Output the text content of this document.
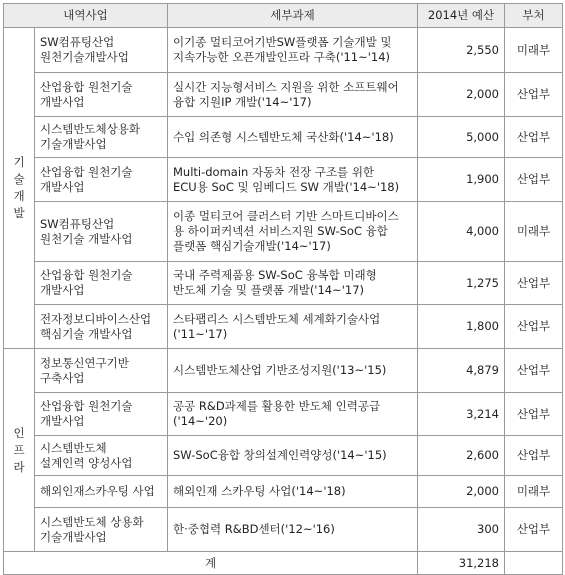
내역사업		세부과제	2014년 예산	부처

기
술
개
발	SW컴퓨팅산업
원천기술개발사업	이기종 멀티코어기반SW플랫폼 기술개발 및
지속가능한 오픈개발인프라 구축('11~'14)	2,550	미래부
	산업융합 원천기술
개발사업	실시간 지능형서비스 지원을 위한 소프트웨어
융합 지원IP 개발('14~'17)	2,000	산업부
	시스템반도체상용화
기술개발사업	수입 의존형 시스템반도체 국산화('14~'18)	5,000	산업부
	산업융합 원천기술
개발사업	Multi-domain 자동차 전장 구조를 위한
ECU용 SoC 및 임베디드 SW 개발('14~'18)	1,900	산업부
	SW컴퓨팅산업
원천기술 개발사업	이종 멀티코어 클러스터 기반 스마트디바이스
용 하이퍼커넥션 서비스지원 SW-SoC 융합
플랫폼 핵심기술개발('14~'17)	4,000	미래부
	산업융합 원천기술
개발사업	국내 주력제품용 SW-SoC 융복합 미래형
반도체 기술 및 플랫폼 개발('14~'17)	1,275	산업부
	전자정보디바이스산업
핵심기술 개발사업	스타팹리스 시스템반도체 세계화기술사업
('11~'17)	1,800	산업부

인
프
라	정보통신연구기반
구축사업	시스템반도체산업 기반조성지원('13~'15)	4,879	산업부
	산업융합 원천기술
개발사업	공공 R&D과제를 활용한 반도체 인력공급
('14~'20)	3,214	산업부
	시스템반도체
설계인력 양성사업	SW-SoC융합 창의설계인력양성('14~'15)	2,600	산업부
	해외인재스카우팅 사업	해외인재 스카우팅 사업('14~'18)	2,000	미래부
	시스템반도체 상용화
기술개발사업	한·중협력 R&BD센터('12~'16)	300	산업부
계			31,218	
